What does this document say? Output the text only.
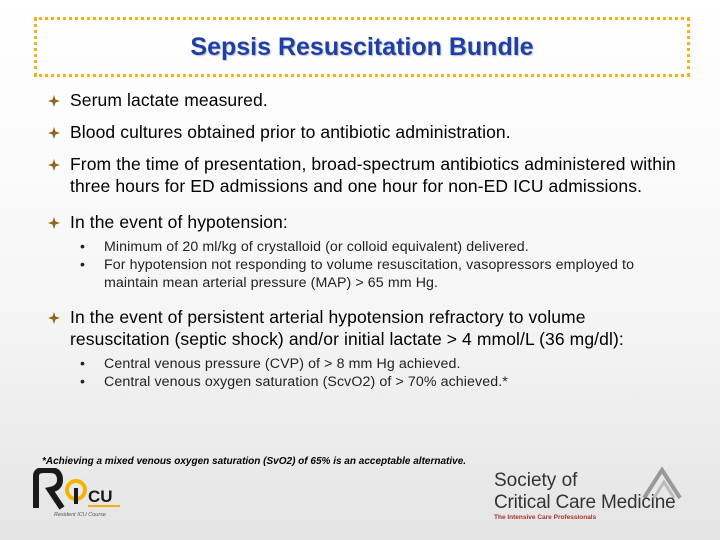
Sepsis Resuscitation Bundle
Serum lactate measured.
Blood cultures obtained prior to antibiotic administration.
From the time of presentation, broad-spectrum antibiotics administered within three hours for ED admissions and one hour for non-ED ICU admissions.
In the event of hypotension:
• Minimum of 20 ml/kg of crystalloid (or colloid equivalent) delivered.
• For hypotension not responding to volume resuscitation, vasopressors employed to maintain mean arterial pressure (MAP) > 65 mm Hg.
In the event of persistent arterial hypotension refractory to volume resuscitation (septic shock) and/or initial lactate > 4 mmol/L (36 mg/dl):
• Central venous pressure (CVP) of > 8 mm Hg achieved.
• Central venous oxygen saturation (ScvO2) of > 70% achieved.*
*Achieving a mixed venous oxygen saturation (SvO2) of 65% is an acceptable alternative.
CU
Resident ICU Course
Society of
Critical Care Medicine
The Intensive Care Professionals
